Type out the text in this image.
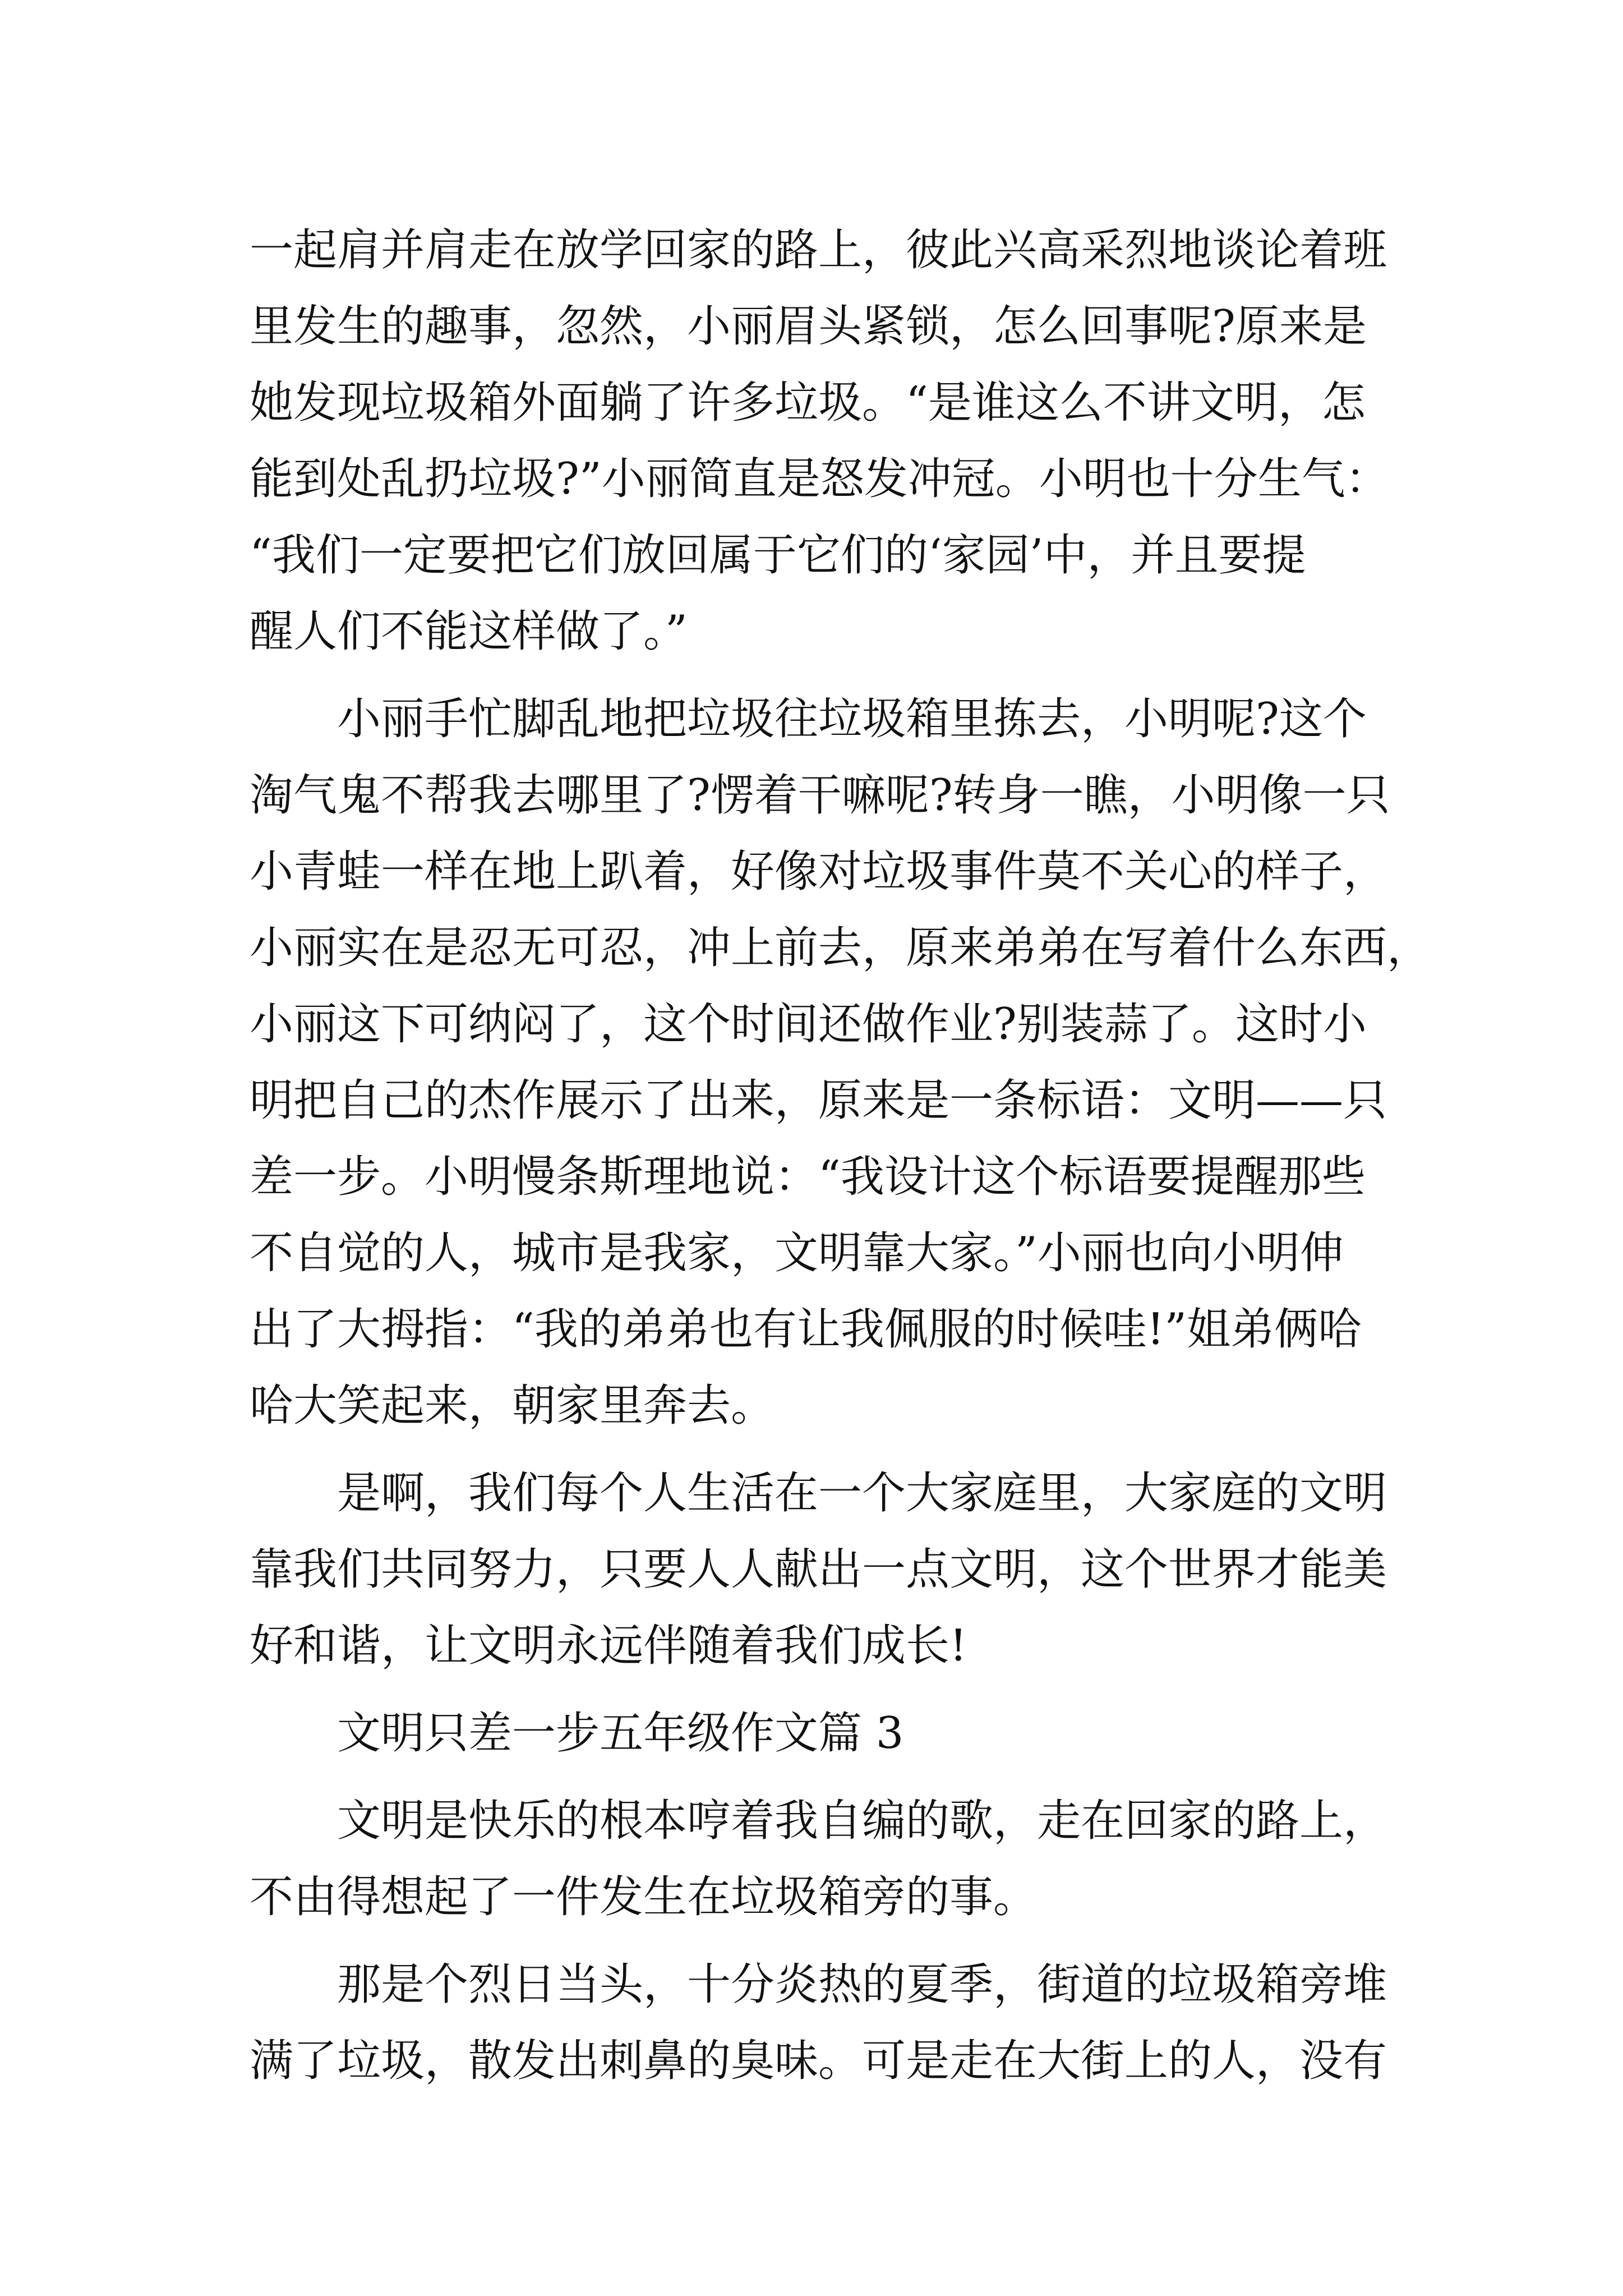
一起肩并肩走在放学回家的路上，彼此兴高采烈地谈论着班
里发生的趣事，忽然，小丽眉头紧锁，怎么回事呢?原来是
她发现垃圾箱外面躺了许多垃圾。“是谁这么不讲文明，怎
能到处乱扔垃圾?”小丽简直是怒发冲冠。小明也十分生气：
“我们一定要把它们放回属于它们的‘家园’中，并且要提
醒人们不能这样做了。”
小丽手忙脚乱地把垃圾往垃圾箱里拣去，小明呢?这个
淘气鬼不帮我去哪里了?愣着干嘛呢?转身一瞧，小明像一只
小青蛙一样在地上趴着，好像对垃圾事件莫不关心的样子，
小丽实在是忍无可忍，冲上前去，原来弟弟在写着什么东西，
小丽这下可纳闷了，这个时间还做作业?别装蒜了。这时小
明把自己的杰作展示了出来，原来是一条标语：文明——只
差一步。小明慢条斯理地说：“我设计这个标语要提醒那些
不自觉的人，城市是我家，文明靠大家。”小丽也向小明伸
出了大拇指：“我的弟弟也有让我佩服的时候哇!”姐弟俩哈
哈大笑起来，朝家里奔去。
是啊，我们每个人生活在一个大家庭里，大家庭的文明
靠我们共同努力，只要人人献出一点文明，这个世界才能美
好和谐，让文明永远伴随着我们成长!
文明只差一步五年级作文篇 3
文明是快乐的根本哼着我自编的歌，走在回家的路上，
不由得想起了一件发生在垃圾箱旁的事。
那是个烈日当头，十分炎热的夏季，街道的垃圾箱旁堆
满了垃圾，散发出刺鼻的臭味。可是走在大街上的人，没有
